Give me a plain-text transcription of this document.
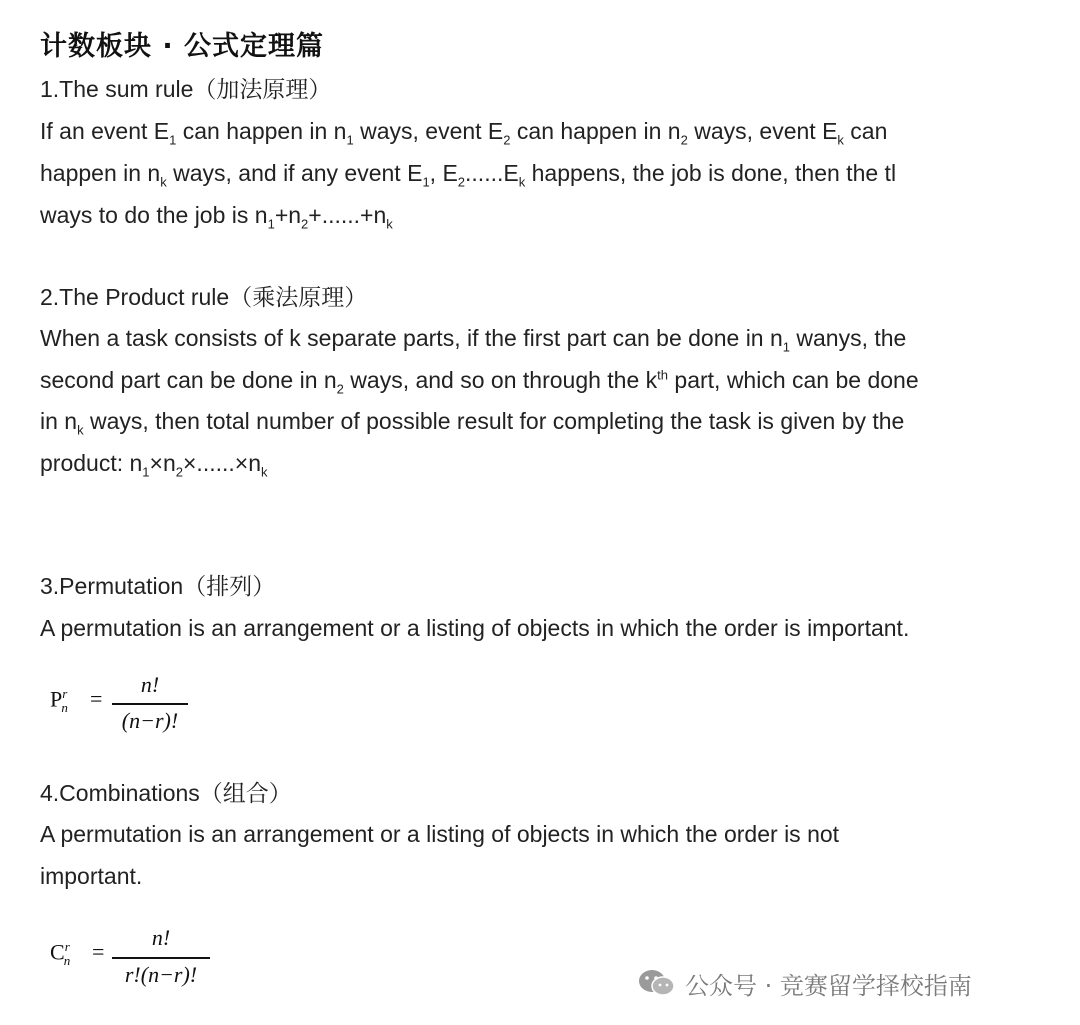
计数板块 · 公式定理篇
1.The sum rule（加法原理）
If an event $E_1$ can happen in $n_1$ ways, event $E_2$ can happen in $n_2$ ways, event $E_k$ can
happen in $n_k$ ways, and if any event $E_1$, $E_2......E_k$ happens, the job is done, then the tl
ways to do the job is $n_1+n_2+......+n_k$
2.The Product rule（乘法原理）
When a task consists of k separate parts, if the first part can be done in $n_1$ wanys, the
second part can be done in $n_2$ ways, and so on through the $k^{th}$ part, which can be done
in $n_k$ ways, then total number of possible result for completing the task is given by the
product: $n_1\times n_2\times......\times n_k$
3.Permutation（排列）
A permutation is an arrangement or a listing of objects in which the order is important.
$P^r_n$ =
n!
(n−r)!
4.Combinations（组合）
A permutation is an arrangement or a listing of objects in which the order is not
important.
$C^r_n$ =
n!
r!(n−r)!	公众号 · 竞赛留学择校指南
